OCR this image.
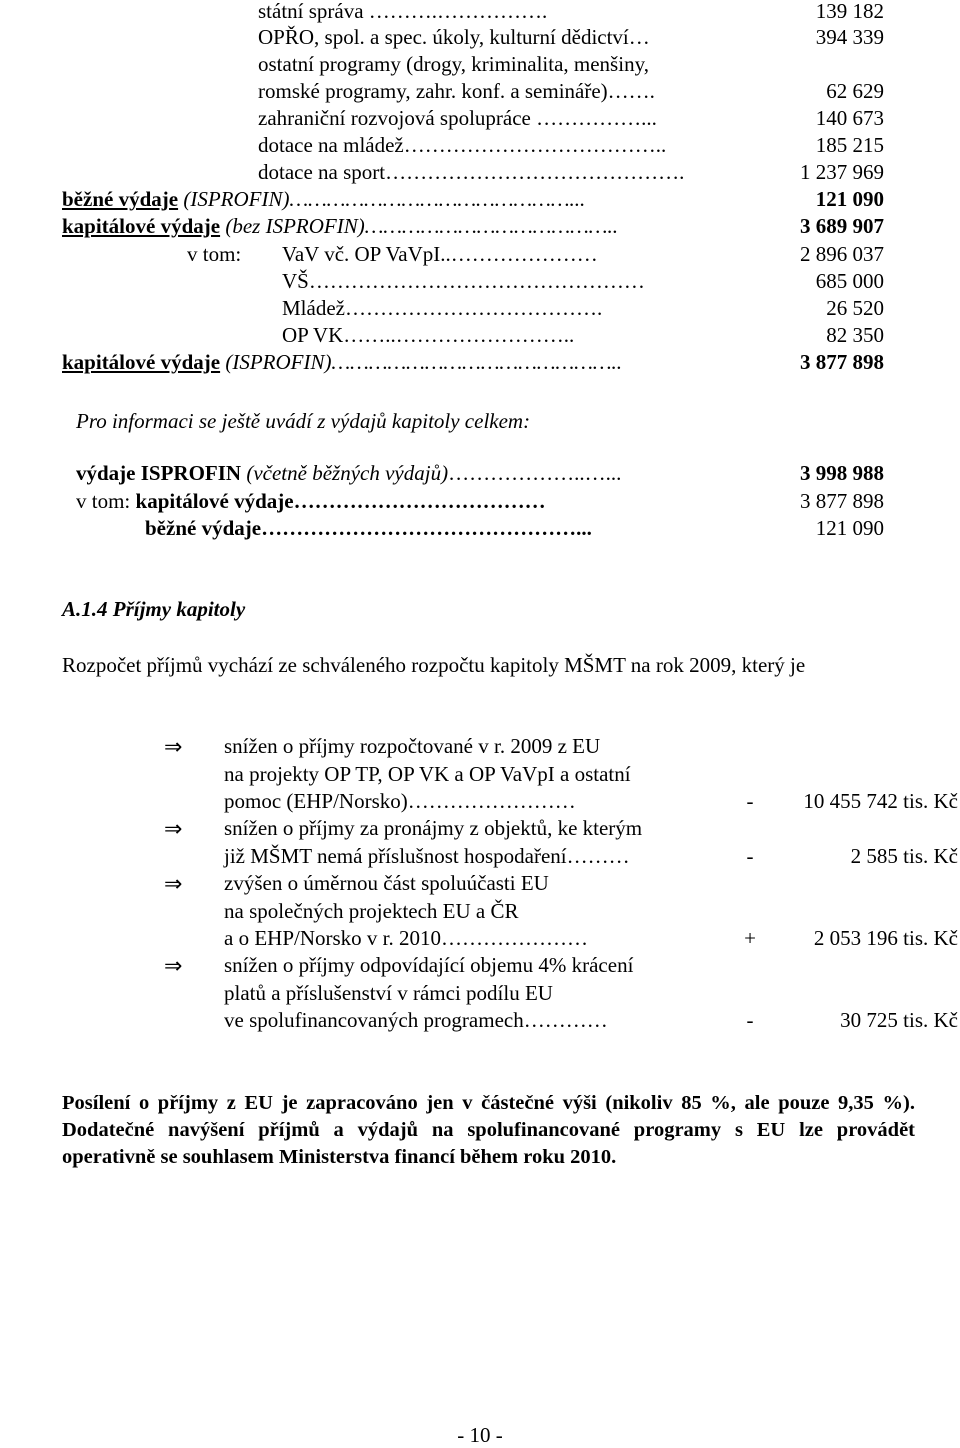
státní správa ……….…………….	139 182
OPŘO, spol. a spec. úkoly, kulturní dědictví…	394 339
ostatní programy (drogy, kriminalita, menšiny,
romské programy, zahr. konf. a semináře)…….	62 629
zahraniční rozvojová spolupráce ……………...	140 673
dotace na mládež………………………………..	185 215
dotace na sport…………………………………….	1 237 969
běžné výdaje (ISPROFIN)………………………………………...	121 090
kapitálové výdaje (bez ISPROFIN)…………………………………..	3 689 907
v tom: VaV vč. OP VaVpI..…………………	2 896 037
VŠ…………………………………………	685 000
Mládež……………………………….	26 520
OP VK……..……………………..	82 350
kapitálové výdaje (ISPROFIN)………………………………………..	3 877 898
Pro informaci se ještě uvádí z výdajů kapitoly celkem:
výdaje ISPROFIN (včetně běžných výdajů)………………..…...	3 998 988
v tom: kapitálové výdaje………………………………	3 877 898
běžné výdaje………………………………………...	121 090
A.1.4 Příjmy kapitoly
Rozpočet příjmů vychází ze schváleného rozpočtu kapitoly MŠMT na rok 2009, který je
⇒ snížen o příjmy rozpočtované v r. 2009 z EU
na projekty OP TP, OP VK a OP VaVpI a ostatní
pomoc (EHP/Norsko)……………………	-	10 455 742 tis. Kč
⇒ snížen o příjmy za pronájmy z objektů, ke kterým
již MŠMT nemá příslušnost hospodaření………	-	2 585 tis. Kč
⇒ zvýšen o úměrnou část spoluúčasti EU
na společných projektech EU a ČR
a o EHP/Norsko v r. 2010…………………	+	2 053 196 tis. Kč
⇒ snížen o příjmy odpovídající objemu 4% krácení
platů a příslušenství v rámci podílu EU
ve spolufinancovaných programech…………	-	30 725 tis. Kč
Posílení o příjmy z EU je zapracováno jen v částečné výši (nikoliv 85 %, ale pouze 9,35 %). Dodatečné navýšení příjmů a výdajů na spolufinancované programy s EU lze provádět operativně se souhlasem Ministerstva financí během roku 2010.
- 10 -
